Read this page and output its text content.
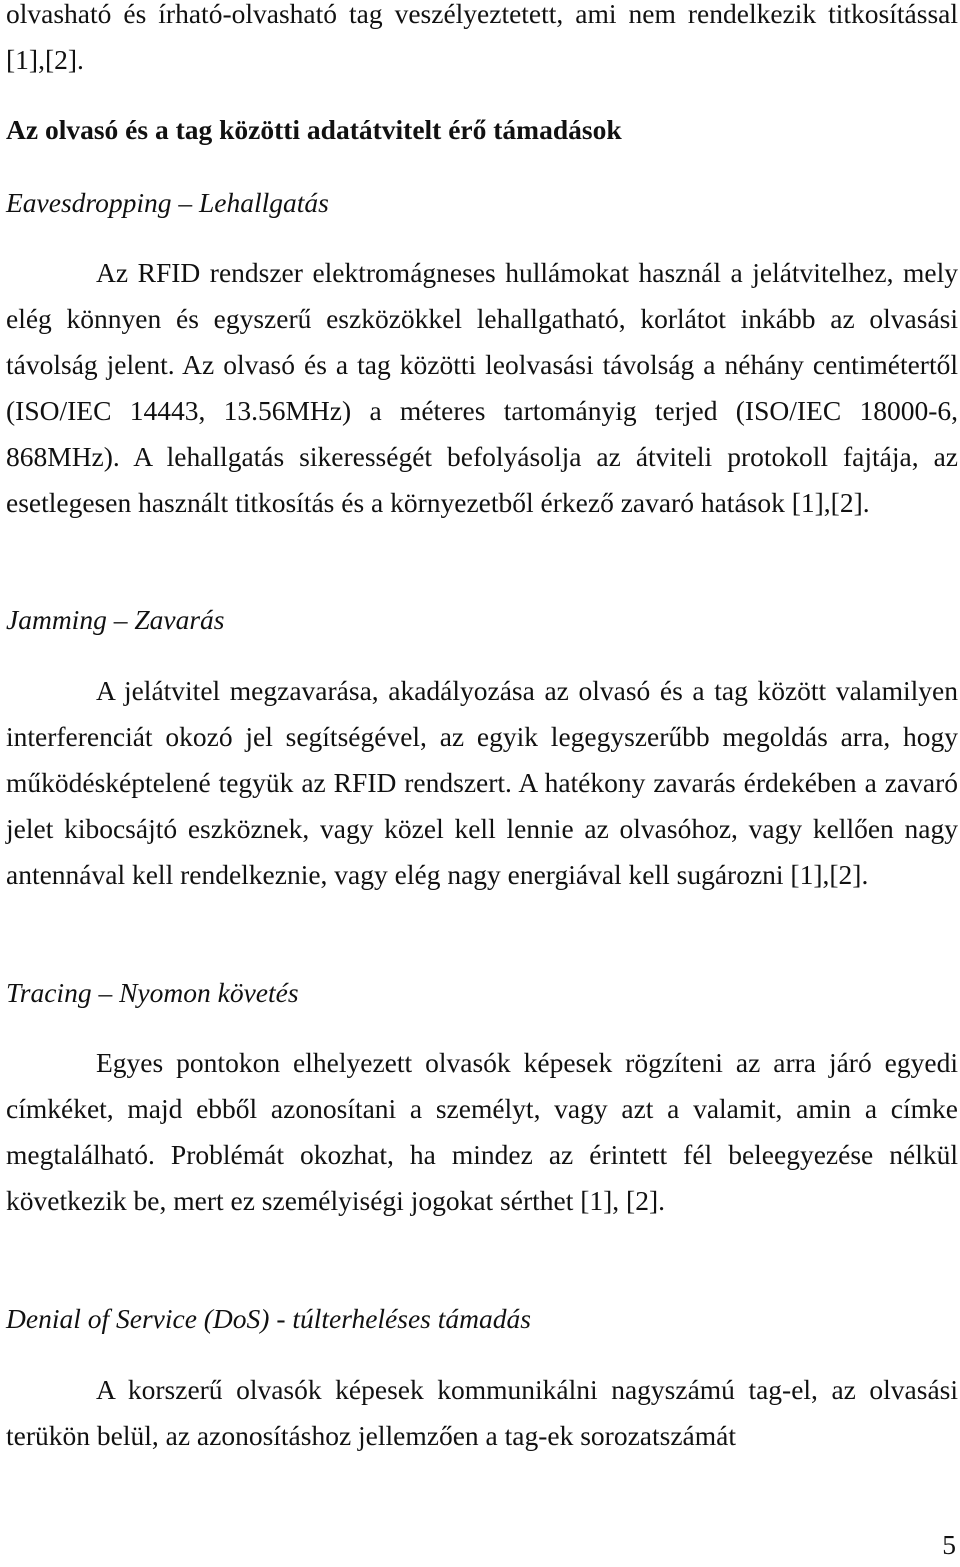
olvasható és írható-olvasható tag veszélyeztetett, ami nem rendelkezik titkosítással [1],[2].

Az olvasó és a tag közötti adatátvitelt érő támadások

Eavesdropping – Lehallgatás

Az RFID rendszer elektromágneses hullámokat használ a jelátvitelhez, mely elég könnyen és egyszerű eszközökkel lehallgatható, korlátot inkább az olvasási távolság jelent. Az olvasó és a tag közötti leolvasási távolság a néhány centimétertől (ISO/IEC 14443, 13.56MHz) a méteres tartományig terjed (ISO/IEC 18000-6, 868MHz). A lehallgatás sikerességét befolyásolja az átviteli protokoll fajtája, az esetlegesen használt titkosítás és a környezetből érkező zavaró hatások [1],[2].

Jamming – Zavarás

A jelátvitel megzavarása, akadályozása az olvasó és a tag között valamilyen interferenciát okozó jel segítségével, az egyik legegyszerűbb megoldás arra, hogy működésképtelené tegyük az RFID rendszert. A hatékony zavarás érdekében a zavaró jelet kibocsájtó eszköznek, vagy közel kell lennie az olvasóhoz, vagy kellően nagy antennával kell rendelkeznie, vagy elég nagy energiával kell sugározni [1],[2].

Tracing – Nyomon követés

Egyes pontokon elhelyezett olvasók képesek rögzíteni az arra járó egyedi címkéket, majd ebből azonosítani a személyt, vagy azt a valamit, amin a címke megtalálható. Problémát okozhat, ha mindez az érintett fél beleegyezése nélkül következik be, mert ez személyiségi jogokat sérthet [1], [2].

Denial of Service (DoS) - túlterheléses támadás

A korszerű olvasók képesek kommunikálni nagyszámú tag-el, az olvasási terükön belül, az azonosításhoz jellemzően a tag-ek sorozatszámát

5
